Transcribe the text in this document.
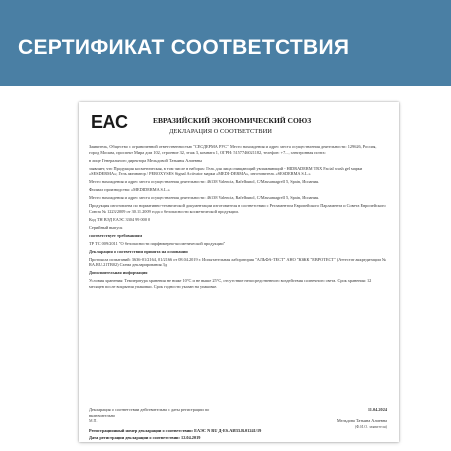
СЕРТИФИКАТ СООТВЕТСТВИЯ
EAC	ЕВРАЗИЙСКИЙ ЭКОНОМИЧЕСКИЙ СОЮЗ
ДЕКЛАРАЦИЯ О СООТВЕТСТВИИ

Заявитель, Общество с ограниченной ответственностью "СЕСДЕРМА РУС" Место нахождения и адрес места осуществления деятельности: 129626, Россия, город Москва, проспект Мира дом 102, строение 32, этаж 3, комната 1, ОГРН: 5157746021182, телефон: +7..., электронная почта:

в лице Генерального директора Мельдовой Татьяны Алиевны

заявляет, что Продукция косметическая, в том числе в наборах: Гель для лица очищающий увлажняющий - HIDRADERM TRX Facial wash gel марки «SESDERMA»; Гель активатор / PEROXYSES Signal Activator марки «MEDI-DERMA», изготовитель «SESDERMA S.L.»

Место нахождения и адрес места осуществления деятельности: 46138 Valencia, Rafelbunol, C/Massamagrell 5, Spain, Испания.

Филиал производства: «MEDIDERMA S.L.»

Место нахождения и адрес места осуществления деятельности: 46138 Valencia, Rafelbunol, C/Massamagrell 5, Spain, Испания.

Продукция изготовлена по нормативно-технической документации изготовителя в соответствии с Регламентом Европейского Парламента и Совета Европейского Союза № 1223/2009 от 30.11.2009 года о безопасности косметической продукции.

Код ТН ВЭД ЕАЭС 3304 99 000 0

Серийный выпуск

соответствует требованиям

ТР ТС 009/2011 "О безопасности парфюмерно-косметической продукции"

Декларация о соответствии принята на основании

Протокола испытаний: 3636-01/2164, 01/2166 от 08.04.2019 г. Испытательная лаборатория "АЛЬФА-ТЕСТ" АНО "ЮЖК "ЕВРОТЕСТ" (Аттестат аккредитации № RA.RU.21ТВ02) Схема декларирования 3д

Дополнительная информация

Условия хранения: Температура хранения не ниже 10°С и не выше 25°С, отсутствие непосредственного воздействия солнечного света. Срок хранения: 12 месяцев после вскрытия упаковки. Срок годности указан на упаковке.

Декларация о соответствии действительна с даты регистрации по	11.04.2024
включительно
М.П.	Мельдова Татьяна Алиевна
(Ф.И.О. заявителя)
Регистрационный номер декларации о соответствии: ЕАЭС N RU Д-ES.АИ33.В.01241/19
Дата регистрации декларации о соответствии: 12.04.2019
